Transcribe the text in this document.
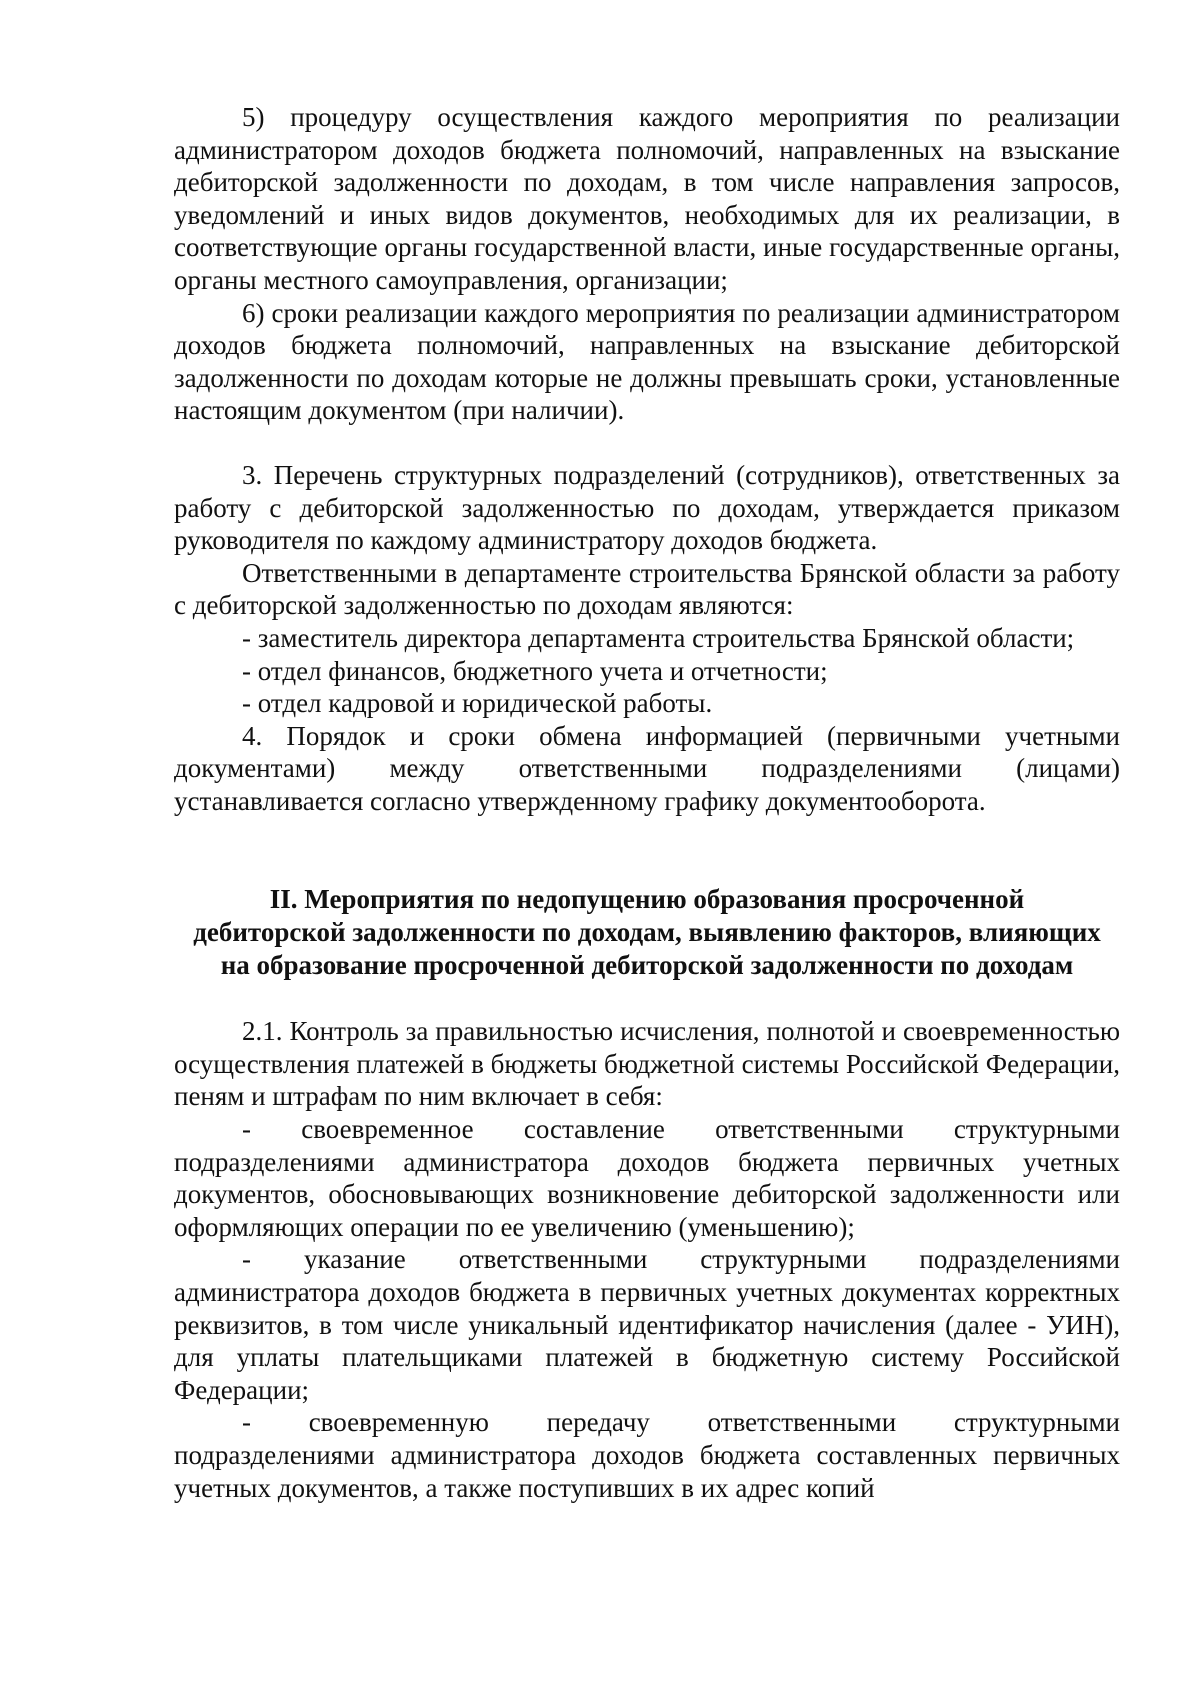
5) процедуру осуществления каждого мероприятия по реализации администратором доходов бюджета полномочий, направленных на взыскание дебиторской задолженности по доходам, в том числе направления запросов, уведомлений и иных видов документов, необходимых для их реализации, в соответствующие органы государственной власти, иные государственные органы, органы местного самоуправления, организации;

6) сроки реализации каждого мероприятия по реализации администратором доходов бюджета полномочий, направленных на взыскание дебиторской задолженности по доходам которые не должны превышать сроки, установленные настоящим документом (при наличии).

3. Перечень структурных подразделений (сотрудников), ответственных за работу с дебиторской задолженностью по доходам, утверждается приказом руководителя по каждому администратору доходов бюджета.

Ответственными в департаменте строительства Брянской области за работу с дебиторской задолженностью по доходам являются:

- заместитель директора департамента строительства Брянской области;

- отдел финансов, бюджетного учета и отчетности;

- отдел кадровой и юридической работы.

4. Порядок и сроки обмена информацией (первичными учетными документами) между ответственными подразделениями (лицами) устанавливается согласно утвержденному графику документооборота.

II. Мероприятия по недопущению образования просроченной дебиторской задолженности по доходам, выявлению факторов, влияющих на образование просроченной дебиторской задолженности по доходам

2.1. Контроль за правильностью исчисления, полнотой и своевременностью осуществления платежей в бюджеты бюджетной системы Российской Федерации, пеням и штрафам по ним включает в себя:

- своевременное составление ответственными структурными подразделениями администратора доходов бюджета первичных учетных документов, обосновывающих возникновение дебиторской задолженности или оформляющих операции по ее увеличению (уменьшению);

- указание ответственными структурными подразделениями администратора доходов бюджета в первичных учетных документах корректных реквизитов, в том числе уникальный идентификатор начисления (далее - УИН), для уплаты плательщиками платежей в бюджетную систему Российской Федерации;

- своевременную передачу ответственными структурными подразделениями администратора доходов бюджета составленных первичных учетных документов, а также поступивших в их адрес копий
